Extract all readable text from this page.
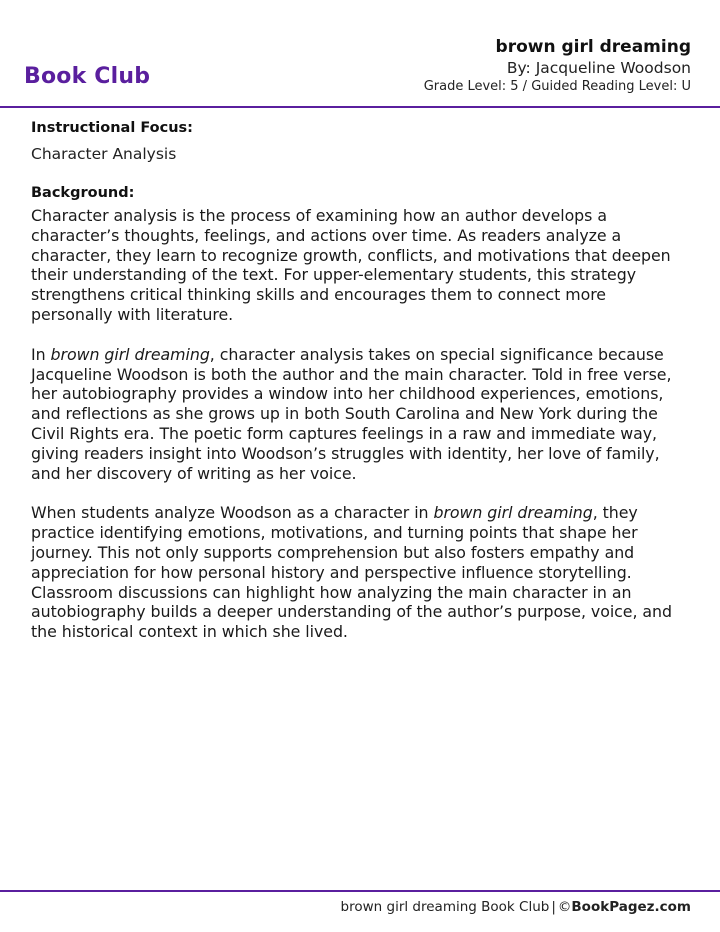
Book Club
brown girl dreaming
By: Jacqueline Woodson
Grade Level: 5 / Guided Reading Level: U

Instructional Focus:

Character Analysis

Background:

Character analysis is the process of examining how an author develops a character’s thoughts, feelings, and actions over time. As readers analyze a character, they learn to recognize growth, conflicts, and motivations that deepen their understanding of the text. For upper-elementary students, this strategy strengthens critical thinking skills and encourages them to connect more personally with literature.

In brown girl dreaming, character analysis takes on special significance because Jacqueline Woodson is both the author and the main character. Told in free verse, her autobiography provides a window into her childhood experiences, emotions, and reflections as she grows up in both South Carolina and New York during the Civil Rights era. The poetic form captures feelings in a raw and immediate way, giving readers insight into Woodson’s struggles with identity, her love of family, and her discovery of writing as her voice.

When students analyze Woodson as a character in brown girl dreaming, they practice identifying emotions, motivations, and turning points that shape her journey. This not only supports comprehension but also fosters empathy and appreciation for how personal history and perspective influence storytelling. Classroom discussions can highlight how analyzing the main character in an autobiography builds a deeper understanding of the author’s purpose, voice, and the historical context in which she lived.

brown girl dreaming Book Club | ©BookPagez.com
